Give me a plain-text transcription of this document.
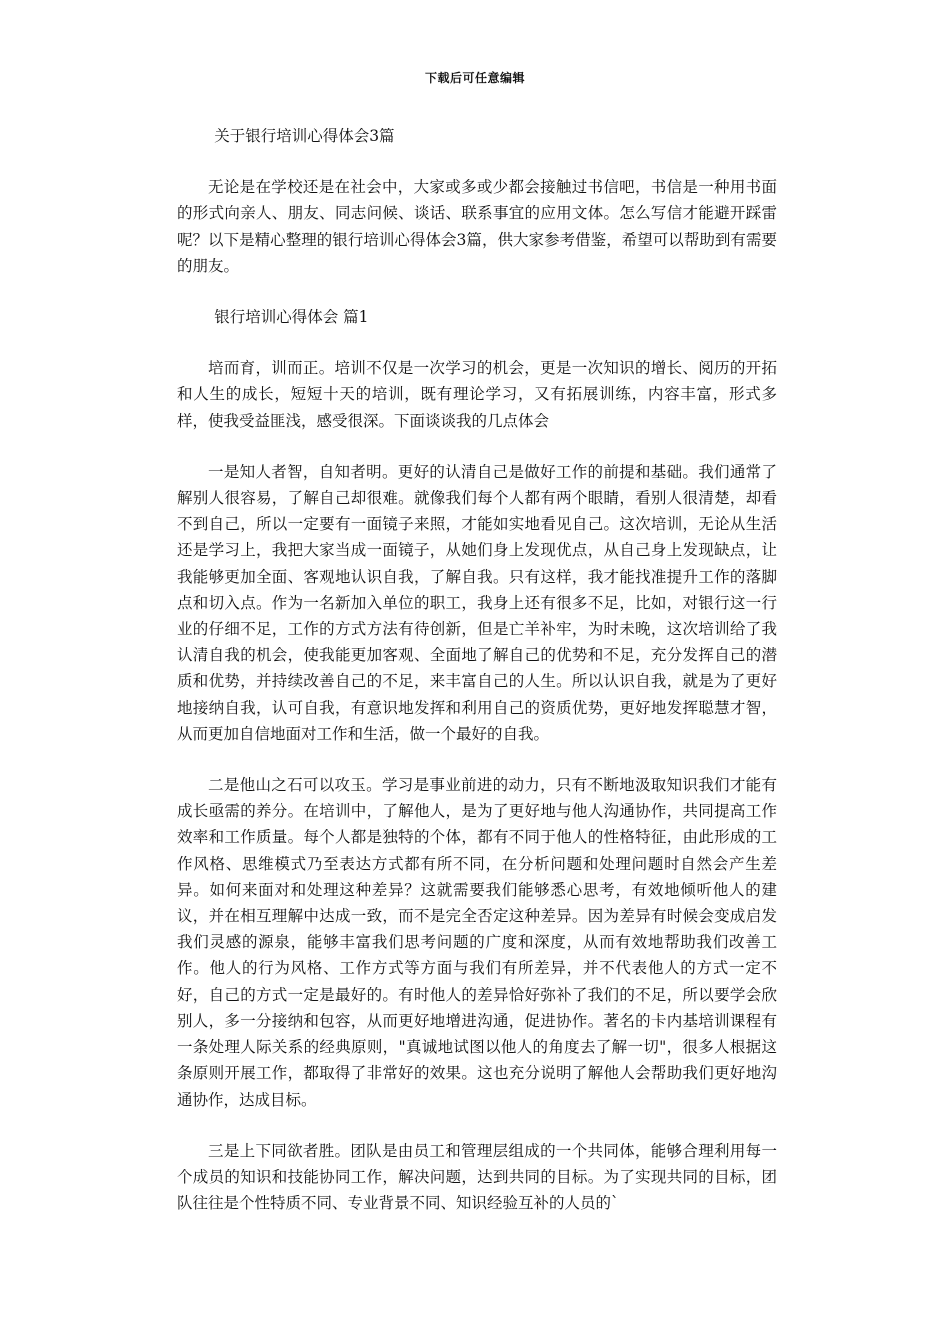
下载后可任意编辑

关于银行培训心得体会3篇

无论是在学校还是在社会中，大家或多或少都会接触过书信吧，书信是一种用书面的形式向亲人、朋友、同志问候、谈话、联系事宜的应用文体。怎么写信才能避开踩雷呢？以下是精心整理的银行培训心得体会3篇，供大家参考借鉴，希望可以帮助到有需要的朋友。

银行培训心得体会 篇1

培而育，训而正。培训不仅是一次学习的机会，更是一次知识的增长、阅历的开拓和人生的成长，短短十天的培训，既有理论学习，又有拓展训练，内容丰富，形式多样，使我受益匪浅，感受很深。下面谈谈我的几点体会

一是知人者智，自知者明。更好的认清自己是做好工作的前提和基础。我们通常了解别人很容易，了解自己却很难。就像我们每个人都有两个眼睛，看别人很清楚，却看不到自己，所以一定要有一面镜子来照，才能如实地看见自己。这次培训，无论从生活还是学习上，我把大家当成一面镜子，从她们身上发现优点，从自己身上发现缺点，让我能够更加全面、客观地认识自我，了解自我。只有这样，我才能找准提升工作的落脚点和切入点。作为一名新加入单位的职工，我身上还有很多不足，比如，对银行这一行业的仔细不足，工作的方式方法有待创新，但是亡羊补牢，为时未晚，这次培训给了我认清自我的机会，使我能更加客观、全面地了解自己的优势和不足，充分发挥自己的潜质和优势，并持续改善自己的不足，来丰富自己的人生。所以认识自我，就是为了更好地接纳自我，认可自我，有意识地发挥和利用自己的资质优势，更好地发挥聪慧才智，从而更加自信地面对工作和生活，做一个最好的自我。

二是他山之石可以攻玉。学习是事业前进的动力，只有不断地汲取知识我们才能有成长亟需的养分。在培训中，了解他人，是为了更好地与他人沟通协作，共同提高工作效率和工作质量。每个人都是独特的个体，都有不同于他人的性格特征，由此形成的工作风格、思维模式乃至表达方式都有所不同，在分析问题和处理问题时自然会产生差异。如何来面对和处理这种差异？这就需要我们能够悉心思考，有效地倾听他人的建议，并在相互理解中达成一致，而不是完全否定这种差异。因为差异有时候会变成启发我们灵感的源泉，能够丰富我们思考问题的广度和深度，从而有效地帮助我们改善工作。他人的行为风格、工作方式等方面与我们有所差异，并不代表他人的方式一定不好，自己的方式一定是最好的。有时他人的差异恰好弥补了我们的不足，所以要学会欣别人，多一分接纳和包容，从而更好地增进沟通，促进协作。著名的卡内基培训课程有一条处理人际关系的经典原则，"真诚地试图以他人的角度去了解一切"，很多人根据这条原则开展工作，都取得了非常好的效果。这也充分说明了解他人会帮助我们更好地沟通协作，达成目标。

三是上下同欲者胜。团队是由员工和管理层组成的一个共同体，能够合理利用每一个成员的知识和技能协同工作，解决问题，达到共同的目标。为了实现共同的目标，团队往往是个性特质不同、专业背景不同、知识经验互补的人员的`
